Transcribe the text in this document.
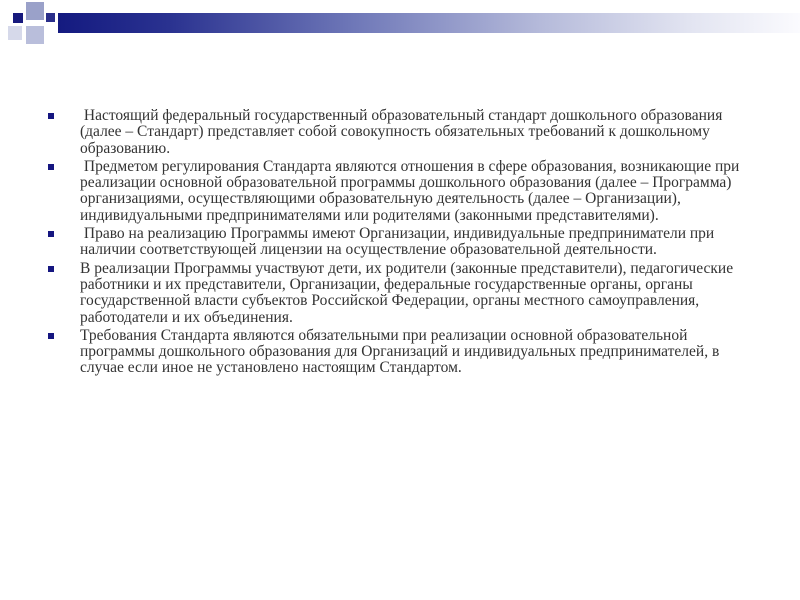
Настоящий федеральный государственный образовательный стандарт дошкольного образования (далее – Стандарт) представляет собой совокупность обязательных требований к дошкольному образованию.
Предметом регулирования Стандарта являются отношения в сфере образования, возникающие при реализации основной образовательной программы дошкольного образования (далее – Программа) организациями, осуществляющими образовательную деятельность (далее – Организации), индивидуальными предпринимателями или родителями (законными представителями).
Право на реализацию Программы имеют Организации, индивидуальные предприниматели при наличии соответствующей лицензии на осуществление образовательной деятельности.
В реализации Программы участвуют дети, их родители (законные представители), педагогические работники и их представители, Организации, федеральные государственные органы, органы государственной власти субъектов Российской Федерации, органы местного самоуправления, работодатели и их объединения.
Требования Стандарта являются обязательными при реализации основной образовательной программы дошкольного образования для Организаций и индивидуальных предпринимателей, в случае если иное не установлено настоящим Стандартом.
